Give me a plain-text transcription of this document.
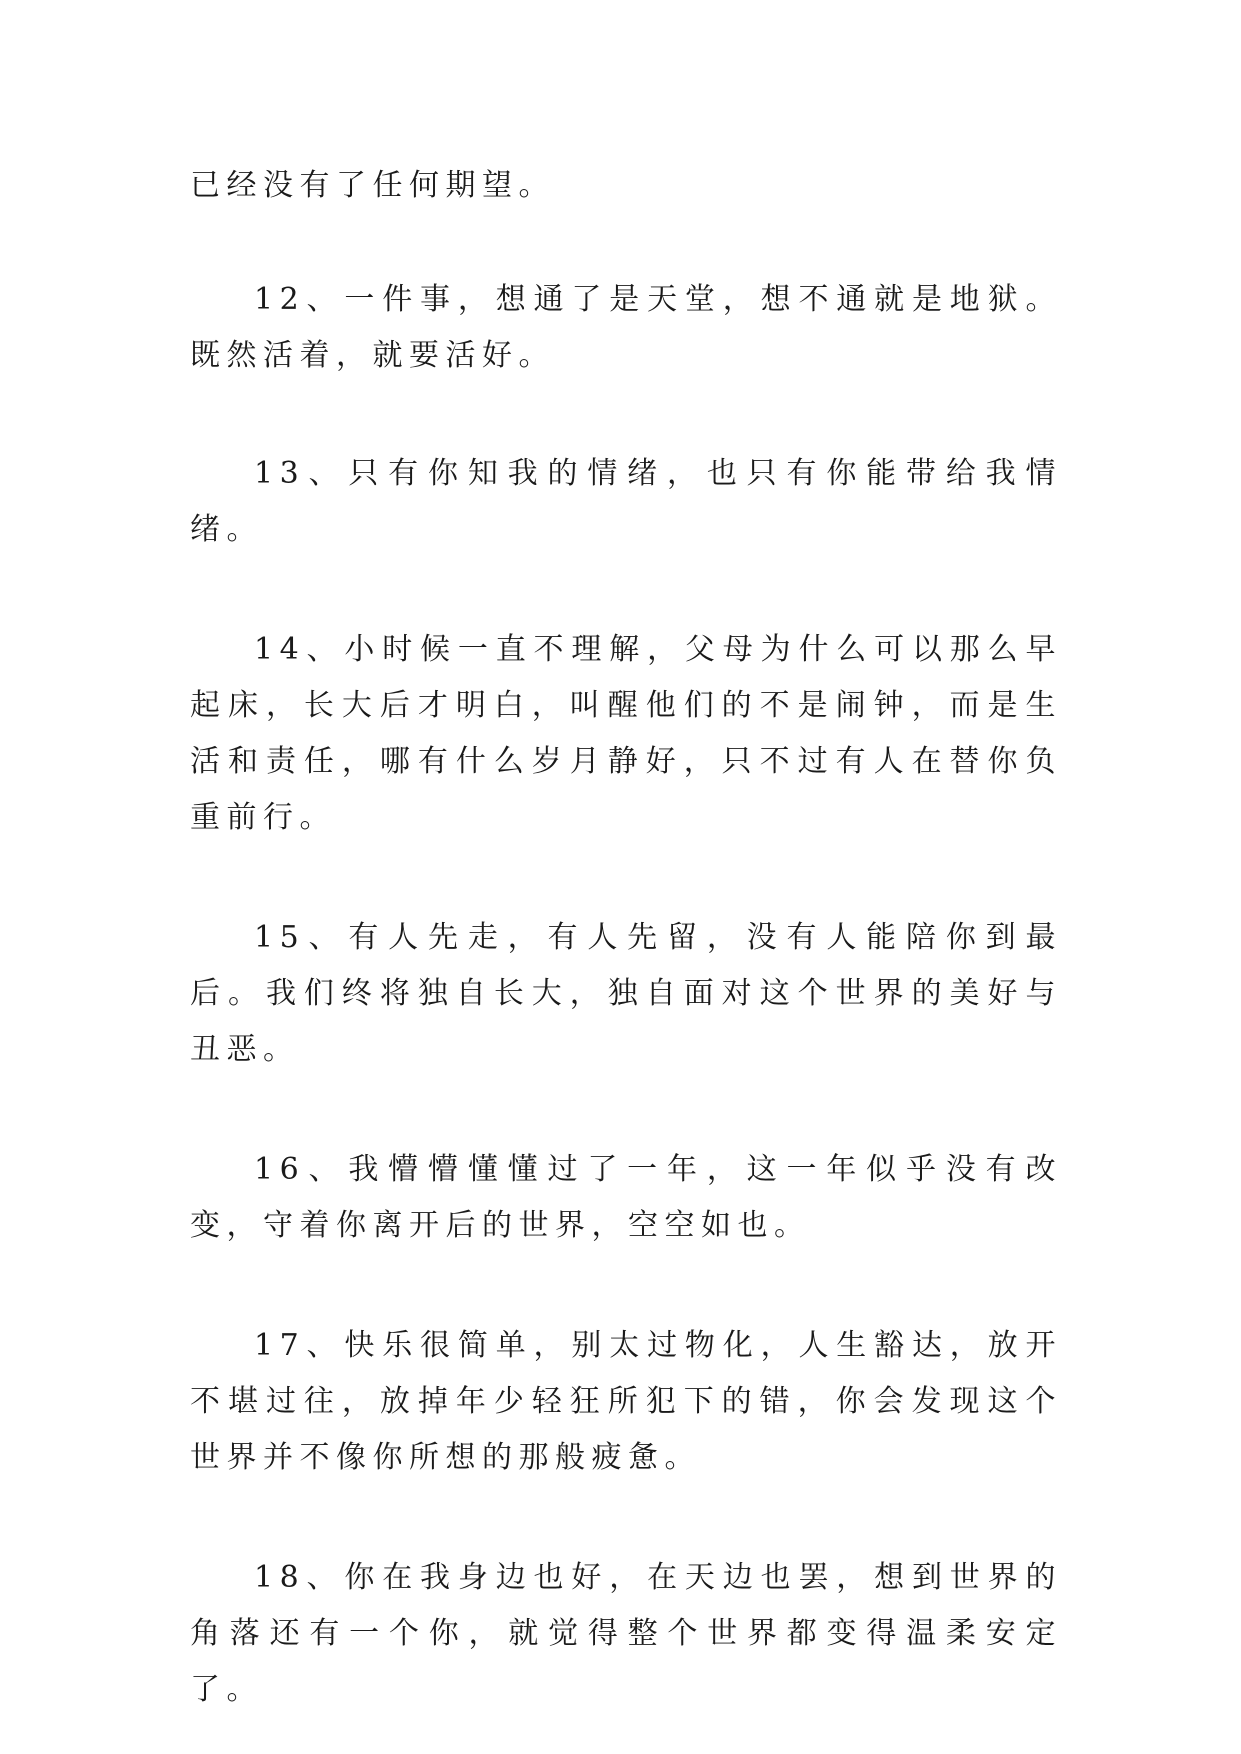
已经没有了任何期望。

12、一件事，想通了是天堂，想不通就是地狱。既然活着，就要活好。

13、只有你知我的情绪，也只有你能带给我情绪。

14、小时候一直不理解，父母为什么可以那么早起床，长大后才明白，叫醒他们的不是闹钟，而是生活和责任，哪有什么岁月静好，只不过有人在替你负重前行。

15、有人先走，有人先留，没有人能陪你到最后。我们终将独自长大，独自面对这个世界的美好与丑恶。

16、我懵懵懂懂过了一年，这一年似乎没有改变，守着你离开后的世界，空空如也。

17、快乐很简单，别太过物化，人生豁达，放开不堪过往，放掉年少轻狂所犯下的错，你会发现这个世界并不像你所想的那般疲惫。

18、你在我身边也好，在天边也罢，想到世界的角落还有一个你，就觉得整个世界都变得温柔安定了。
